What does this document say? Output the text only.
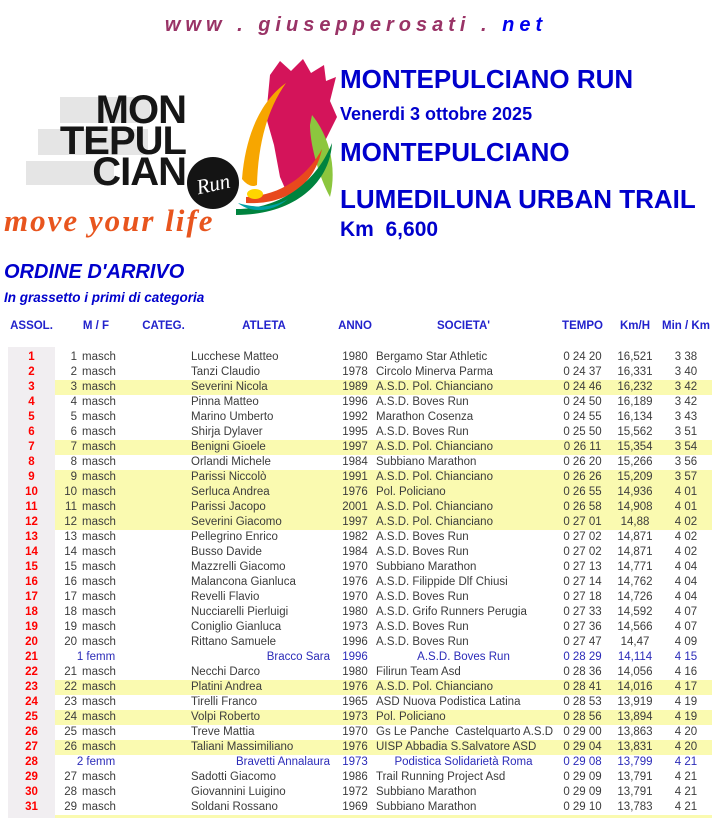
www . giusepperosati . net
Run
MON
TEPUL
CIAN
move your life
MONTEPULCIANO RUN
Venerdi 3 ottobre 2025
MONTEPULCIANO
LUMEDILUNA URBAN TRAIL
Km  6,600
ORDINE D'ARRIVO
In grassetto i primi di categoria
ASSOL.	M / F	CATEG.	ATLETA	ANNO	SOCIETA'	TEMPO	Km/H	Min / Km
1	1 masch	Lucchese Matteo	1980 Bergamo Star Athletic	0 24 20	16,521	3 38
2	2 masch	Tanzi Claudio	1978 Circolo Minerva Parma	0 24 37	16,331	3 40
3	3 masch	Severini Nicola	1989 A.S.D. Pol. Chianciano	0 24 46	16,232	3 42
4	4 masch	Pinna Matteo	1996 A.S.D. Boves Run	0 24 50	16,189	3 42
5	5 masch	Marino Umberto	1992 Marathon Cosenza	0 24 55	16,134	3 43
6	6 masch	Shirja Dylaver	1995 A.S.D. Boves Run	0 25 50	15,562	3 51
7	7 masch	Benigni Gioele	1997 A.S.D. Pol. Chianciano	0 26 11	15,354	3 54
8	8 masch	Orlandi Michele	1984 Subbiano Marathon	0 26 20	15,266	3 56
9	9 masch	Parissi Niccolò	1991 A.S.D. Pol. Chianciano	0 26 26	15,209	3 57
10	10 masch	Serluca Andrea	1976 Pol. Policiano	0 26 55	14,936	4 01
11	11 masch	Parissi Jacopo	2001 A.S.D. Pol. Chianciano	0 26 58	14,908	4 01
12	12 masch	Severini Giacomo	1997 A.S.D. Pol. Chianciano	0 27 01	14,88	4 02
13	13 masch	Pellegrino Enrico	1982 A.S.D. Boves Run	0 27 02	14,871	4 02
14	14 masch	Busso Davide	1984 A.S.D. Boves Run	0 27 02	14,871	4 02
15	15 masch	Mazzrelli Giacomo	1970 Subbiano Marathon	0 27 13	14,771	4 04
16	16 masch	Malancona Gianluca	1976 A.S.D. Filippide Dlf Chiusi	0 27 14	14,762	4 04
17	17 masch	Revelli Flavio	1970 A.S.D. Boves Run	0 27 18	14,726	4 04
18	18 masch	Nucciarelli Pierluigi	1980 A.S.D. Grifo Runners Perugia	0 27 33	14,592	4 07
19	19 masch	Coniglio Gianluca	1973 A.S.D. Boves Run	0 27 36	14,566	4 07
20	20 masch	Rittano Samuele	1996 A.S.D. Boves Run	0 27 47	14,47	4 09
21	1 femm	Bracco Sara	1996	A.S.D. Boves Run	0 28 29	14,114	4 15
22	21 masch	Necchi Darco	1980 Filirun Team Asd	0 28 36	14,056	4 16
23	22 masch	Platini Andrea	1976 A.S.D. Pol. Chianciano	0 28 41	14,016	4 17
24	23 masch	Tirelli Franco	1965 ASD Nuova Podistica Latina	0 28 53	13,919	4 19
25	24 masch	Volpi Roberto	1973 Pol. Policiano	0 28 56	13,894	4 19
26	25 masch	Treve Mattia	1970 Gs Le Panche  Castelquarto A.S.D 0 29 00	13,863	4 20
27	26 masch	Taliani Massimiliano	1976 UISP Abbadia S.Salvatore ASD	0 29 04	13,831	4 20
28	2 femm	Bravetti Annalaura	1973	Podistica Solidarietà Roma	0 29 08	13,799	4 21
29	27 masch	Sadotti Giacomo	1986 Trail Running Project Asd	0 29 09	13,791	4 21
30	28 masch	Giovannini Luigino	1972 Subbiano Marathon	0 29 09	13,791	4 21
31	29 masch	Soldani Rossano	1969 Subbiano Marathon	0 29 10	13,783	4 21
